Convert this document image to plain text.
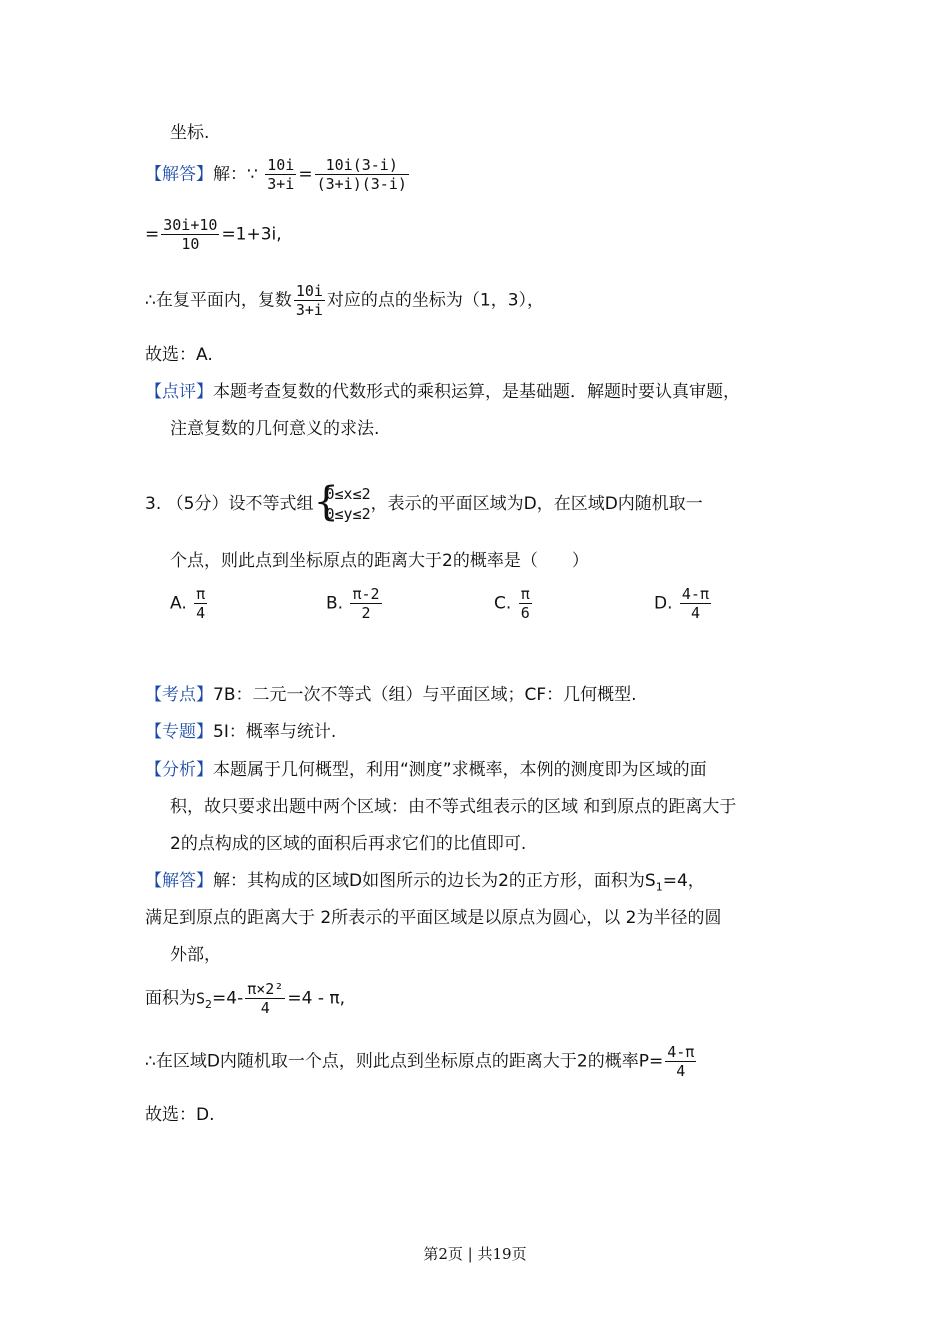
坐标.
【解答】解：∵ $\frac{10i}{3+i} = \frac{10i(3-i)}{(3+i)(3-i)}$
= $\frac{30i+10}{10} =1+3i$,
∴在复平面内，复数 $\frac{10i}{3+i}$ 对应的点的坐标为（1，3），
故选：A.
【点评】本题考查复数的代数形式的乘积运算，是基础题．解题时要认真审题，
注意复数的几何意义的求法.
3. （5分）设不等式组 {
0≤x≤2
0≤y≤2 ，表示的平面区域为D，在区域D内随机取一
个点，则此点到坐标原点的距离大于2的概率是（　　）
A. $\frac{\pi}{4}$	B. $\frac{\pi-2}{2}$	C. $\frac{\pi}{6}$	D. $\frac{4-\pi}{4}$
【考点】7B：二元一次不等式（组）与平面区域；CF：几何概型.
【专题】5I：概率与统计.
【分析】本题属于几何概型，利用“测度”求概率，本例的测度即为区域的面
积，故只要求出题中两个区域：由不等式组表示的区域 和到原点的距离大于
2的点构成的区域的面积后再求它们的比值即可.
【解答】解：其构成的区域D如图所示的边长为2的正方形，面积为$S_1=4$，
满足到原点的距离大于 2所表示的平面区域是以原点为圆心，以 2为半径的圆
外部，
面积为$S_2=4- \frac{\text{π×2²}}{4} =4 - \pi$,
∴在区域D内随机取一个点，则此点到坐标原点的距离大于2的概率$P= \frac{4-\pi}{4}$
故选：D.
第2页 | 共19页
